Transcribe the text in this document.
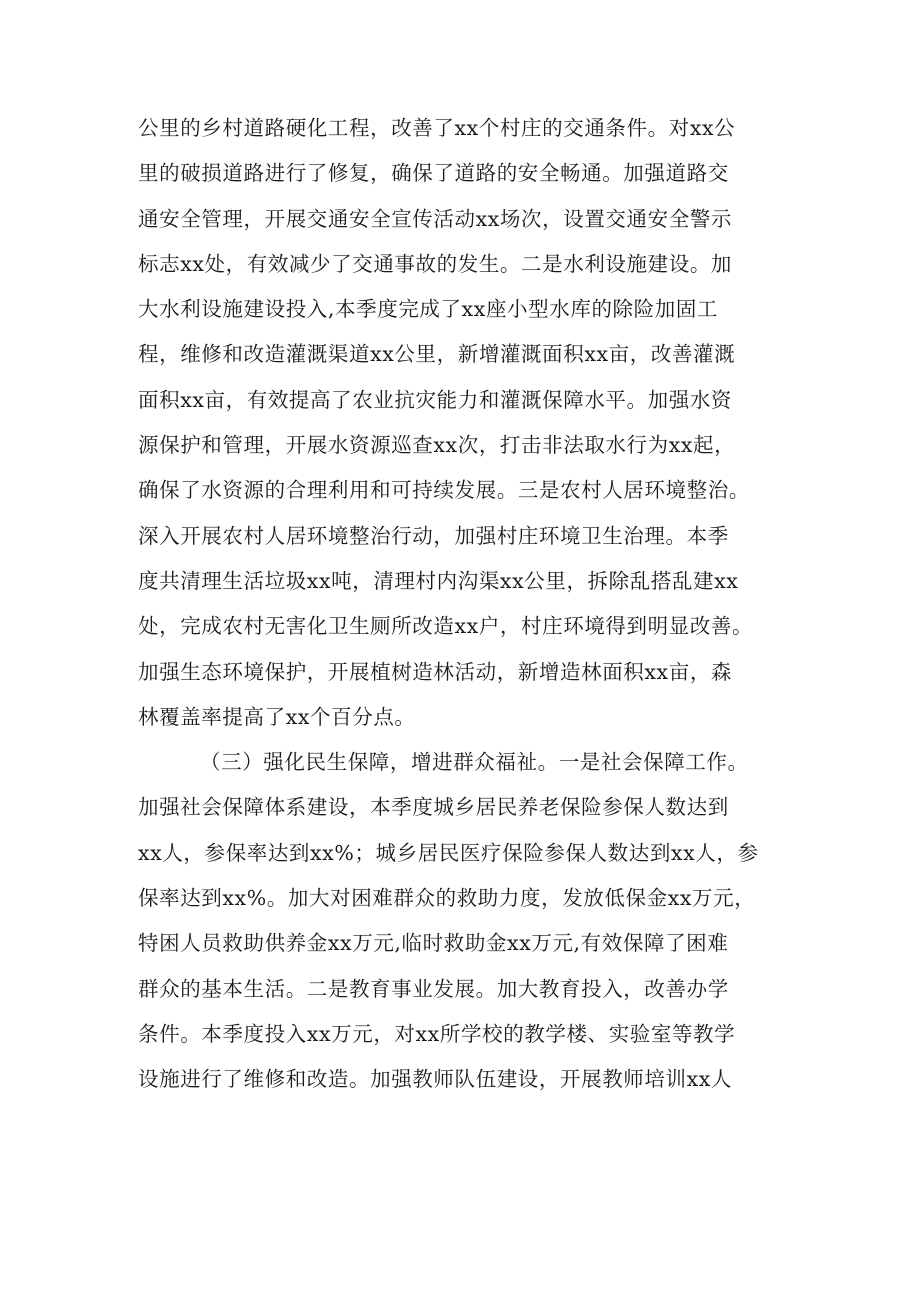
公里的乡村道路硬化工程，改善了xx个村庄的交通条件。对xx公
里的破损道路进行了修复，确保了道路的安全畅通。加强道路交
通安全管理，开展交通安全宣传活动xx场次，设置交通安全警示
标志xx处，有效减少了交通事故的发生。二是水利设施建设。加
大水利设施建设投入,本季度完成了xx座小型水库的除险加固工
程，维修和改造灌溉渠道xx公里，新增灌溉面积xx亩，改善灌溉
面积xx亩，有效提高了农业抗灾能力和灌溉保障水平。加强水资
源保护和管理，开展水资源巡查xx次，打击非法取水行为xx起，
确保了水资源的合理利用和可持续发展。三是农村人居环境整治。
深入开展农村人居环境整治行动，加强村庄环境卫生治理。本季
度共清理生活垃圾xx吨，清理村内沟渠xx公里，拆除乱搭乱建xx
处，完成农村无害化卫生厕所改造xx户，村庄环境得到明显改善。
加强生态环境保护，开展植树造林活动，新增造林面积xx亩，森
林覆盖率提高了xx个百分点。
（三）强化民生保障，增进群众福祉。一是社会保障工作。
加强社会保障体系建设，本季度城乡居民养老保险参保人数达到
xx人，参保率达到xx%；城乡居民医疗保险参保人数达到xx人，参
保率达到xx%。加大对困难群众的救助力度，发放低保金xx万元，
特困人员救助供养金xx万元,临时救助金xx万元,有效保障了困难
群众的基本生活。二是教育事业发展。加大教育投入，改善办学
条件。本季度投入xx万元，对xx所学校的教学楼、实验室等教学
设施进行了维修和改造。加强教师队伍建设，开展教师培训xx人
